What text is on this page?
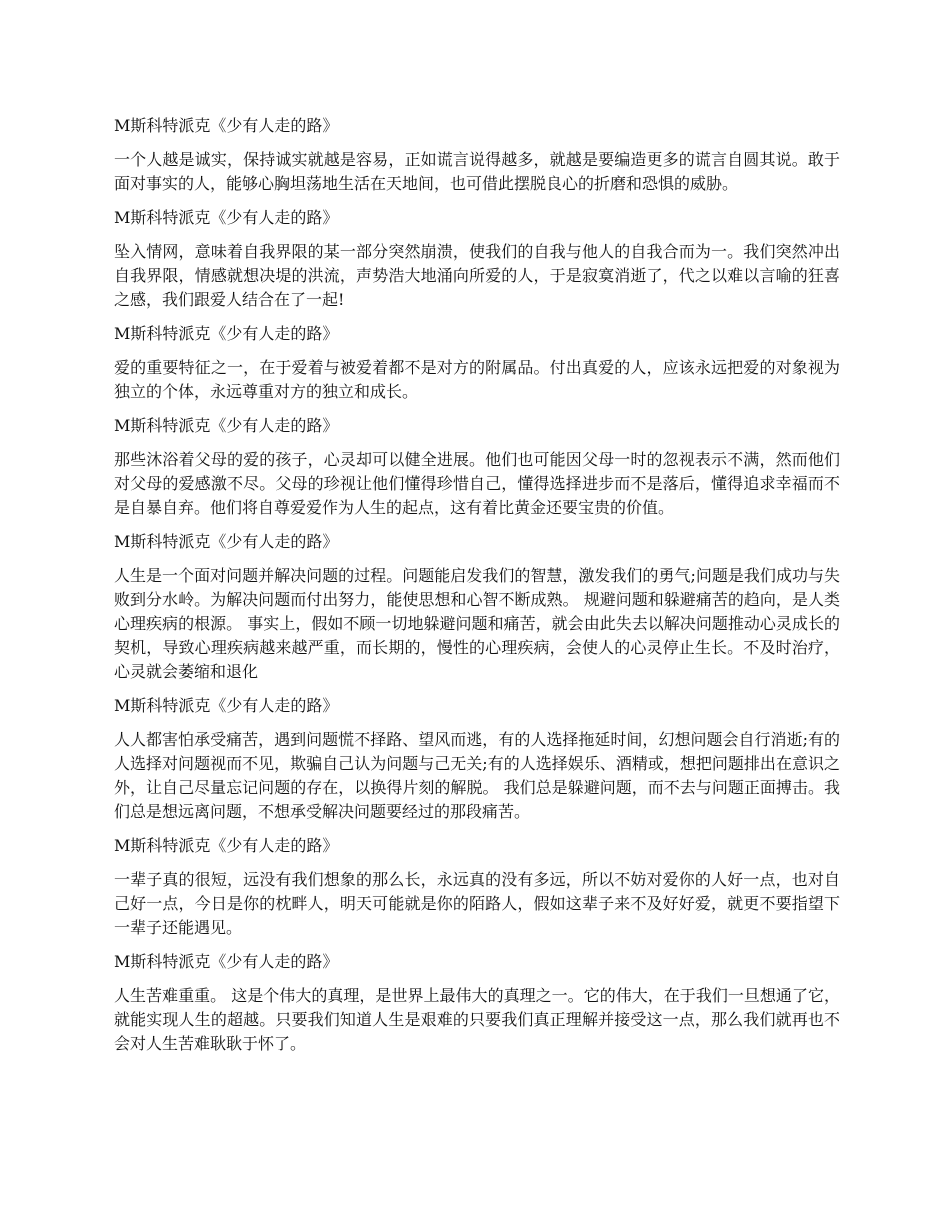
M斯科特派克《少有人走的路》

一个人越是诚实，保持诚实就越是容易，正如谎言说得越多，就越是要编造更多的谎言自圆其说。敢于面对事实的人，能够心胸坦荡地生活在天地间，也可借此摆脱良心的折磨和恐惧的威胁。

M斯科特派克《少有人走的路》

坠入情网，意味着自我界限的某一部分突然崩溃，使我们的自我与他人的自我合而为一。我们突然冲出自我界限，情感就想决堤的洪流，声势浩大地涌向所爱的人，于是寂寞消逝了，代之以难以言喻的狂喜之感，我们跟爱人结合在了一起!

M斯科特派克《少有人走的路》

爱的重要特征之一，在于爱着与被爱着都不是对方的附属品。付出真爱的人，应该永远把爱的对象视为独立的个体，永远尊重对方的独立和成长。

M斯科特派克《少有人走的路》

那些沐浴着父母的爱的孩子，心灵却可以健全进展。他们也可能因父母一时的忽视表示不满，然而他们对父母的爱感激不尽。父母的珍视让他们懂得珍惜自己，懂得选择进步而不是落后，懂得追求幸福而不是自暴自弃。他们将自尊爱爱作为人生的起点，这有着比黄金还要宝贵的价值。

M斯科特派克《少有人走的路》

人生是一个面对问题并解决问题的过程。问题能启发我们的智慧，激发我们的勇气;问题是我们成功与失败到分水岭。为解决问题而付出努力，能使思想和心智不断成熟。 规避问题和躲避痛苦的趋向，是人类心理疾病的根源。 事实上，假如不顾一切地躲避问题和痛苦，就会由此失去以解决问题推动心灵成长的契机，导致心理疾病越来越严重，而长期的，慢性的心理疾病，会使人的心灵停止生长。不及时治疗，心灵就会萎缩和退化

M斯科特派克《少有人走的路》

人人都害怕承受痛苦，遇到问题慌不择路、望风而逃，有的人选择拖延时间，幻想问题会自行消逝;有的人选择对问题视而不见，欺骗自己认为问题与己无关;有的人选择娱乐、酒精或，想把问题排出在意识之外，让自己尽量忘记问题的存在，以换得片刻的解脱。 我们总是躲避问题，而不去与问题正面搏击。我们总是想远离问题，不想承受解决问题要经过的那段痛苦。

M斯科特派克《少有人走的路》

一辈子真的很短，远没有我们想象的那么长，永远真的没有多远，所以不妨对爱你的人好一点，也对自己好一点，今日是你的枕畔人，明天可能就是你的陌路人，假如这辈子来不及好好爱，就更不要指望下一辈子还能遇见。

M斯科特派克《少有人走的路》

人生苦难重重。 这是个伟大的真理，是世界上最伟大的真理之一。它的伟大，在于我们一旦想通了它，就能实现人生的超越。只要我们知道人生是艰难的只要我们真正理解并接受这一点，那么我们就再也不会对人生苦难耿耿于怀了。
